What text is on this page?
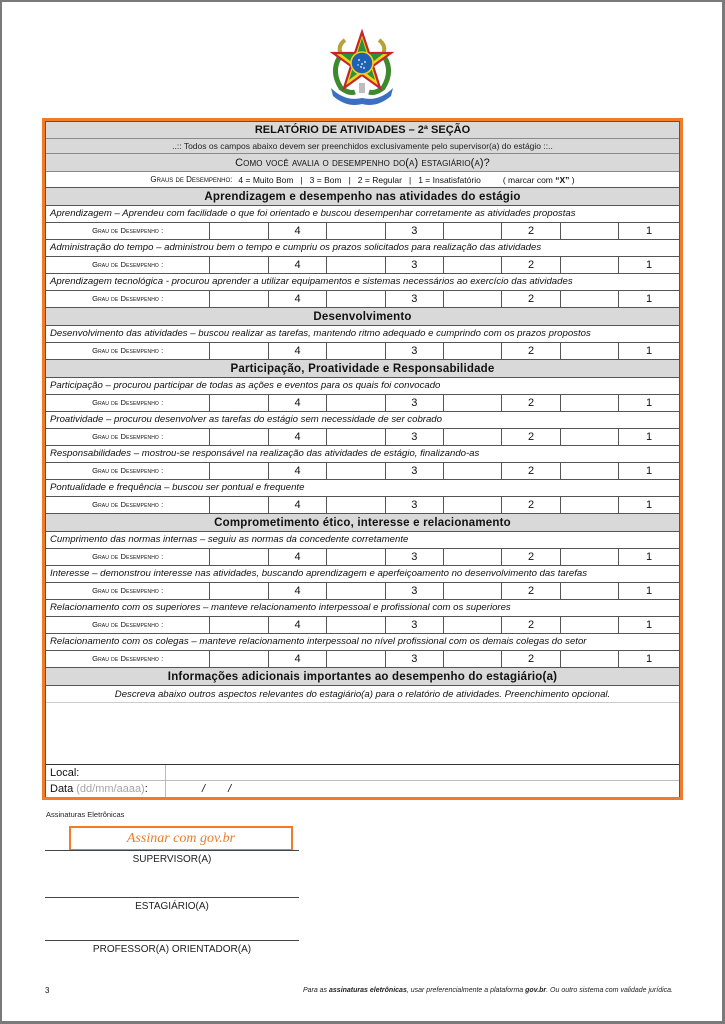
RELATÓRIO DE ATIVIDADES – 2ª SEÇÃO
..:: Todos os campos abaixo devem ser preenchidos exclusivamente pelo supervisor(a) do estágio ::..
Como você avalia o desempenho do(a) estagiário(a)?
Graus de Desempenho: 4 = Muito Bom | 3 = Bom | 2 = Regular | 1 = Insatisfatório	( marcar com “X” )
Aprendizagem e desempenho nas atividades do estágio
Aprendizagem – Aprendeu com facilidade o que foi orientado e buscou desempenhar corretamente as atividades propostas
Grau de Desempenho :	4	3	2	1
Administração do tempo – administrou bem o tempo e cumpriu os prazos solicitados para realização das atividades
Grau de Desempenho :	4	3	2	1
Aprendizagem tecnológica - procurou aprender a utilizar equipamentos e sistemas necessários ao exercício das atividades
Grau de Desempenho :	4	3	2	1
Desenvolvimento
Desenvolvimento das atividades – buscou realizar as tarefas, mantendo ritmo adequado e cumprindo com os prazos propostos
Grau de Desempenho :	4	3	2	1
Participação, Proatividade e Responsabilidade
Participação – procurou participar de todas as ações e eventos para os quais foi convocado
Grau de Desempenho :	4	3	2	1
Proatividade – procurou desenvolver as tarefas do estágio sem necessidade de ser cobrado
Grau de Desempenho :	4	3	2	1
Responsabilidades – mostrou-se responsável na realização das atividades de estágio, finalizando-as
Grau de Desempenho :	4	3	2	1
Pontualidade e frequência – buscou ser pontual e frequente
Grau de Desempenho :	4	3	2	1
Comprometimento ético, interesse e relacionamento
Cumprimento das normas internas – seguiu as normas da concedente corretamente
Grau de Desempenho :	4	3	2	1
Interesse – demonstrou interesse nas atividades, buscando aprendizagem e aperfeiçoamento no desenvolvimento das tarefas
Grau de Desempenho :	4	3	2	1
Relacionamento com os superiores – manteve relacionamento interpessoal e profissional com os superiores
Grau de Desempenho :	4	3	2	1
Relacionamento com os colegas – manteve relacionamento interpessoal no nível profissional com os demais colegas do setor
Grau de Desempenho :	4	3	2	1
Informações adicionais importantes ao desempenho do estagiário(a)
Descreva abaixo outros aspectos relevantes do estagiário(a) para o relatório de atividades. Preenchimento opcional.
Local:
Data (dd/mm/aaaa) :	/ /
Assinaturas Eletrônicas
Assinar com gov.br
SUPERVISOR(A)
ESTAGIÁRIO(A)
PROFESSOR(A) ORIENTADOR(A)
3	Para as assinaturas eletrônicas, usar preferencialmente a plataforma gov.br. Ou outro sistema com validade jurídica.
